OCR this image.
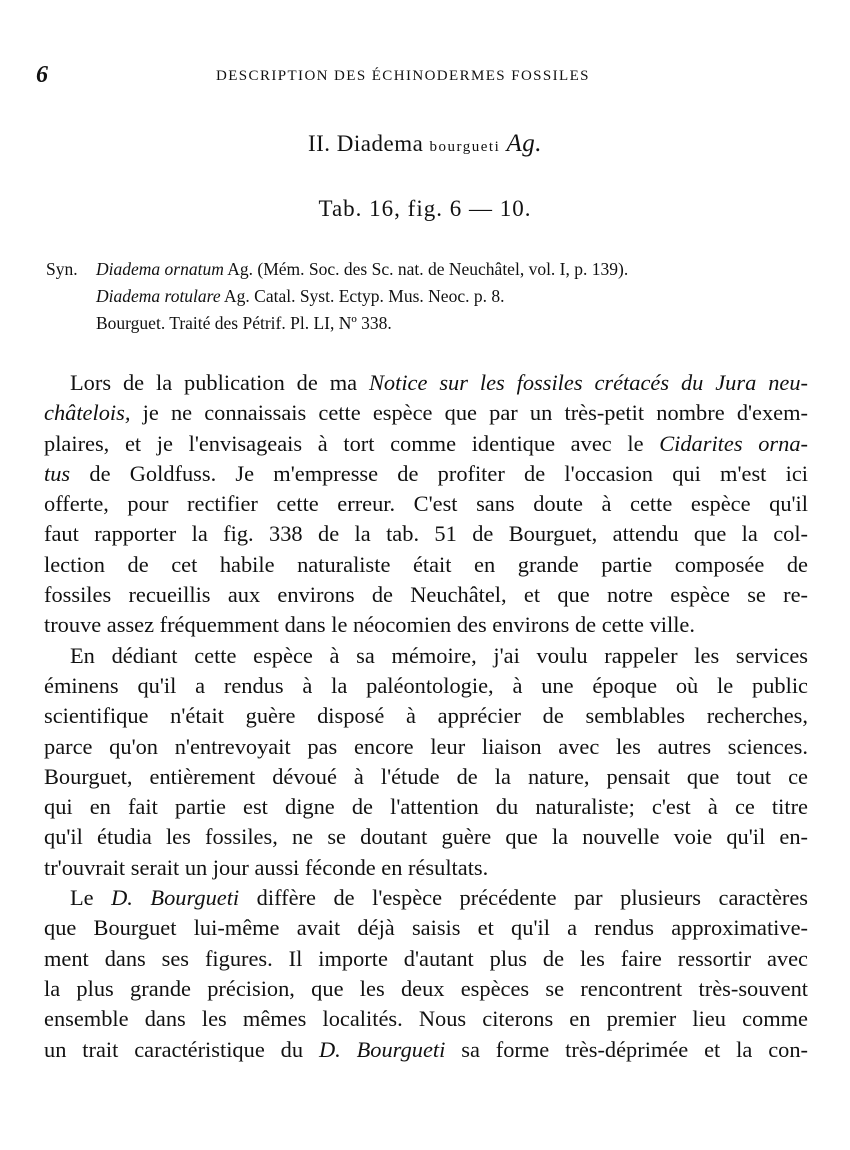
6	DESCRIPTION DES ÉCHINODERMES FOSSILES
II. Diadema bourgueti Ag.
Tab. 16, fig. 6 — 10.
Syn. Diadema ornatum Ag. (Mém. Soc. des Sc. nat. de Neuchâtel, vol. I, p. 139).
Diadema rotulare Ag. Catal. Syst. Ectyp. Mus. Neoc. p. 8.
Bourguet. Traité des Pétrif. Pl. LI, Nº 338.

Lors de la publication de ma Notice sur les fossiles crétacés du Jura neu-
châtelois, je ne connaissais cette espèce que par un très-petit nombre d'exem-
plaires, et je l'envisageais à tort comme identique avec le Cidarites orna-
tus de Goldfuss. Je m'empresse de profiter de l'occasion qui m'est ici
offerte, pour rectifier cette erreur. C'est sans doute à cette espèce qu'il
faut rapporter la fig. 338 de la tab. 51 de Bourguet, attendu que la col-
lection de cet habile naturaliste était en grande partie composée de
fossiles recueillis aux environs de Neuchâtel, et que notre espèce se re-
trouve assez fréquemment dans le néocomien des environs de cette ville.

En dédiant cette espèce à sa mémoire, j'ai voulu rappeler les services
éminens qu'il a rendus à la paléontologie, à une époque où le public
scientifique n'était guère disposé à apprécier de semblables recherches,
parce qu'on n'entrevoyait pas encore leur liaison avec les autres sciences.
Bourguet, entièrement dévoué à l'étude de la nature, pensait que tout ce
qui en fait partie est digne de l'attention du naturaliste; c'est à ce titre
qu'il étudia les fossiles, ne se doutant guère que la nouvelle voie qu'il en-
tr'ouvrait serait un jour aussi féconde en résultats.

Le D. Bourgueti diffère de l'espèce précédente par plusieurs caractères
que Bourguet lui-même avait déjà saisis et qu'il a rendus approximative-
ment dans ses figures. Il importe d'autant plus de les faire ressortir avec
la plus grande précision, que les deux espèces se rencontrent très-souvent
ensemble dans les mêmes localités. Nous citerons en premier lieu comme
un trait caractéristique du D. Bourgueti sa forme très-déprimée et la con-
